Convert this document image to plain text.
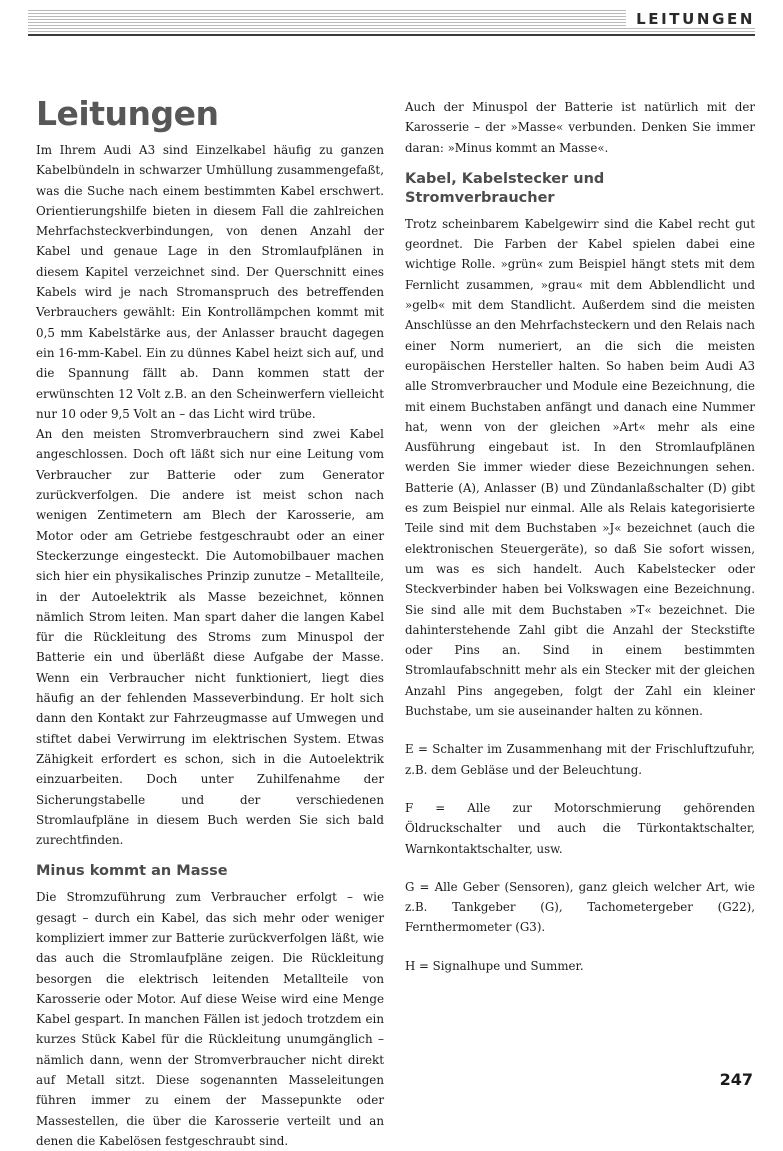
LEITUNGEN
Leitungen

Im Ihrem Audi A3 sind Einzelkabel häufig zu ganzen Kabelbündeln in schwarzer Umhüllung zusammengefaßt, was die Suche nach einem bestimmten Kabel erschwert. Orientierungshilfe bieten in diesem Fall die zahlreichen Mehrfachsteckverbindungen, von denen Anzahl der Kabel und genaue Lage in den Stromlaufplänen in diesem Kapitel verzeichnet sind. Der Querschnitt eines Kabels wird je nach Stromanspruch des betreffenden Verbrauchers gewählt: Ein Kontrollämpchen kommt mit 0,5 mm Kabelstärke aus, der Anlasser braucht dagegen ein 16-mm-Kabel. Ein zu dünnes Kabel heizt sich auf, und die Spannung fällt ab. Dann kommen statt der erwünschten 12 Volt z.B. an den Scheinwerfern vielleicht nur 10 oder 9,5 Volt an – das Licht wird trübe.

An den meisten Stromverbrauchern sind zwei Kabel angeschlossen. Doch oft läßt sich nur eine Leitung vom Verbraucher zur Batterie oder zum Generator zurückverfolgen. Die andere ist meist schon nach wenigen Zentimetern am Blech der Karosserie, am Motor oder am Getriebe festgeschraubt oder an einer Steckerzunge eingesteckt. Die Automobilbauer machen sich hier ein physikalisches Prinzip zunutze – Metallteile, in der Autoelektrik als Masse bezeichnet, können nämlich Strom leiten. Man spart daher die langen Kabel für die Rückleitung des Stroms zum Minuspol der Batterie ein und überläßt diese Aufgabe der Masse. Wenn ein Verbraucher nicht funktioniert, liegt dies häufig an der fehlenden Masseverbindung. Er holt sich dann den Kontakt zur Fahrzeugmasse auf Umwegen und stiftet dabei Verwirrung im elektrischen System. Etwas Zähigkeit erfordert es schon, sich in die Autoelektrik einzuarbeiten. Doch unter Zuhilfenahme der Sicherungstabelle und der verschiedenen Stromlaufpläne in diesem Buch werden Sie sich bald zurechtfinden.

Minus kommt an Masse

Die Stromzuführung zum Verbraucher erfolgt – wie gesagt – durch ein Kabel, das sich mehr oder weniger kompliziert immer zur Batterie zurückverfolgen läßt, wie das auch die Stromlaufpläne zeigen. Die Rückleitung besorgen die elektrisch leitenden Metallteile von Karosserie oder Motor. Auf diese Weise wird eine Menge Kabel gespart. In manchen Fällen ist jedoch trotzdem ein kurzes Stück Kabel für die Rückleitung unumgänglich – nämlich dann, wenn der Stromverbraucher nicht direkt auf Metall sitzt. Diese sogenannten Masseleitungen führen immer zu einem der Massepunkte oder Massestellen, die über die Karosserie verteilt und an denen die Kabelösen festgeschraubt sind.

Auch der Minuspol der Batterie ist natürlich mit der Karosserie – der »Masse« verbunden. Denken Sie immer daran: »Minus kommt an Masse«.

Kabel, Kabelstecker und Stromverbraucher

Trotz scheinbarem Kabelgewirr sind die Kabel recht gut geordnet. Die Farben der Kabel spielen dabei eine wichtige Rolle. »grün« zum Beispiel hängt stets mit dem Fernlicht zusammen, »grau« mit dem Abblendlicht und »gelb« mit dem Standlicht. Außerdem sind die meisten Anschlüsse an den Mehrfachsteckern und den Relais nach einer Norm numeriert, an die sich die meisten europäischen Hersteller halten. So haben beim Audi A3 alle Stromverbraucher und Module eine Bezeichnung, die mit einem Buchstaben anfängt und danach eine Nummer hat, wenn von der gleichen »Art« mehr als eine Ausführung eingebaut ist. In den Stromlaufplänen werden Sie immer wieder diese Bezeichnungen sehen. Batterie (A), Anlasser (B) und Zündanlaßschalter (D) gibt es zum Beispiel nur einmal. Alle als Relais kategorisierte Teile sind mit dem Buchstaben »J« bezeichnet (auch die elektronischen Steuergeräte), so daß Sie sofort wissen, um was es sich handelt. Auch Kabelstecker oder Steckverbinder haben bei Volkswagen eine Bezeichnung. Sie sind alle mit dem Buchstaben »T« bezeichnet. Die dahinterstehende Zahl gibt die Anzahl der Steckstifte oder Pins an. Sind in einem bestimmten Stromlaufabschnitt mehr als ein Stecker mit der gleichen Anzahl Pins angegeben, folgt der Zahl ein kleiner Buchstabe, um sie auseinander halten zu können.

E = Schalter im Zusammenhang mit der Frischluftzufuhr, z.B. dem Gebläse und der Beleuchtung.

F = Alle zur Motorschmierung gehörenden Öldruckschalter und auch die Türkontaktschalter, Warnkontaktschalter, usw.

G = Alle Geber (Sensoren), ganz gleich welcher Art, wie z.B. Tankgeber (G), Tachometergeber (G22), Fernthermometer (G3).

H = Signalhupe und Summer.

247
